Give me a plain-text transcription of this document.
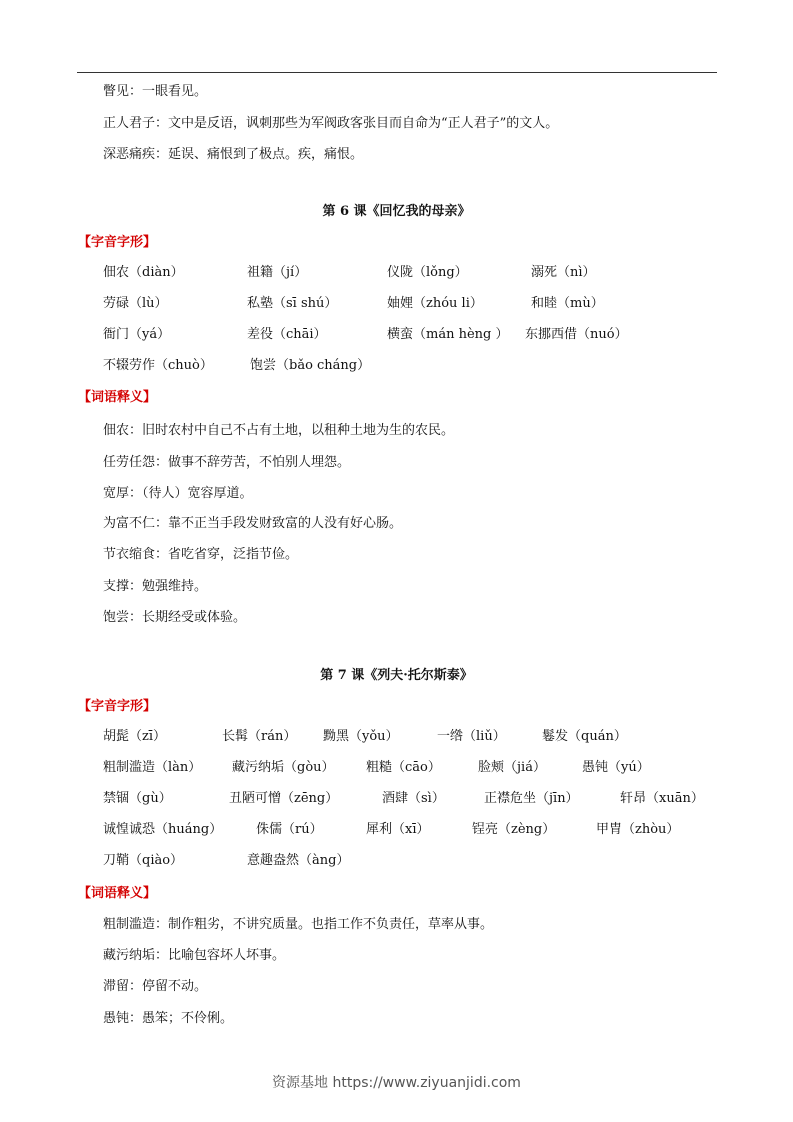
瞥见：一眼看见。
正人君子：文中是反语，讽刺那些为军阀政客张目而自命为“正人君子”的文人。
深恶痛疾：延误、痛恨到了极点。疾，痛恨。
第 6 课《回忆我的母亲》
【字音字形】
佃农（diàn）	祖籍（jí）	仪陇（lǒng）	溺死（nì）
劳碌（lù）	私塾（sī shú）	妯娌（zhóu li）	和睦（mù）
衙门（yá）	差役（chāi）	横蛮（mán hèng ） 东挪西借（nuó）
不辍劳作（chuò）	饱尝（bǎo cháng）
【词语释义】
佃农：旧时农村中自己不占有土地，以租种土地为生的农民。
任劳任怨：做事不辞劳苦，不怕别人埋怨。
宽厚：（待人）宽容厚道。
为富不仁：靠不正当手段发财致富的人没有好心肠。
节衣缩食：省吃省穿，泛指节俭。
支撑：勉强维持。
饱尝：长期经受或体验。
第 7 课《列夫·托尔斯泰》
【字音字形】
胡髭（zī）	长髯（rán） 黝黑（yǒu）	一绺（liǔ）	鬈发（quán）
粗制滥造（làn） 藏污纳垢（gòu） 粗糙（cāo）	脸颊（jiá）	愚钝（yú）
禁锢（gù）	丑陋可憎（zēng）	酒肆（sì）	正襟危坐（jīn）	轩昂（xuān）
诚惶诚恐（huáng）	侏儒（rú）	犀利（xī）	锃亮（zèng）	甲胄（zhòu）
刀鞘（qiào）	意趣盎然（àng）
【词语释义】
粗制滥造：制作粗劣，不讲究质量。也指工作不负责任，草率从事。
藏污纳垢：比喻包容坏人坏事。
滞留：停留不动。
愚钝：愚笨；不伶俐。
资源基地 https://www.ziyuanjidi.com
